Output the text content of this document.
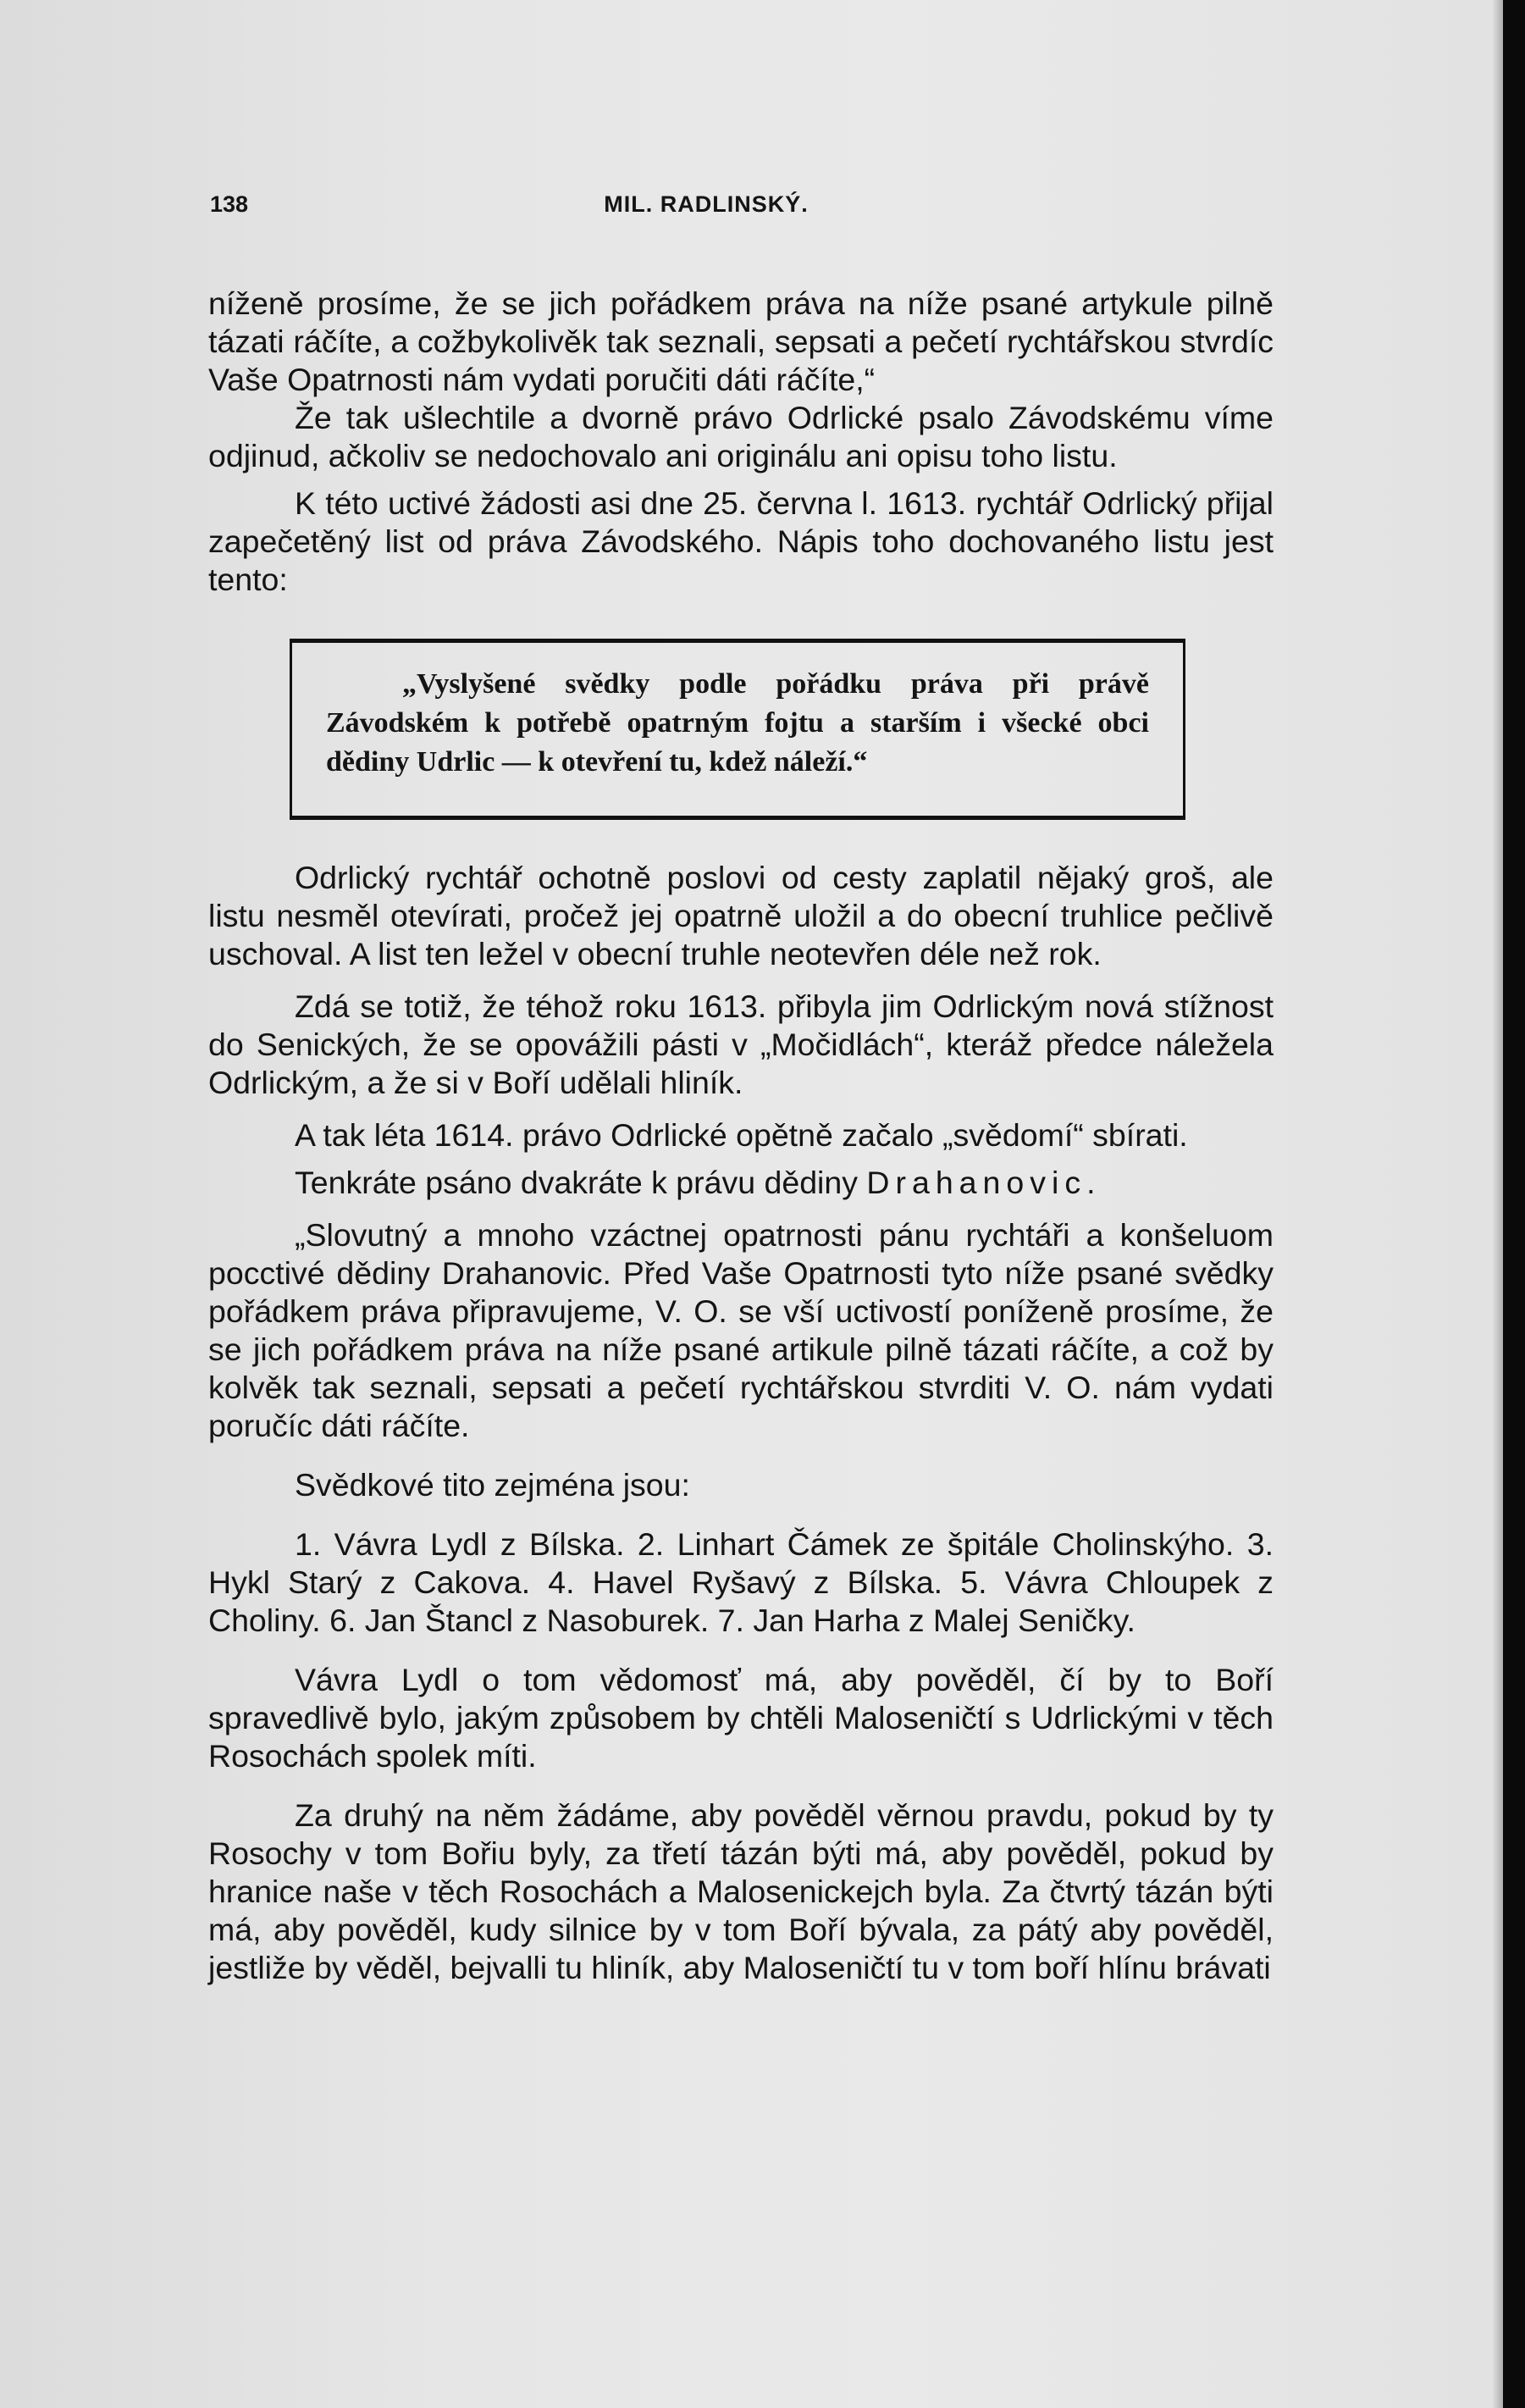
138	MIL. RADLINSKÝ.

níženě prosíme, že se jich pořádkem práva na níže psané artykule pilně tázati ráčíte, a cožbykolivěk tak seznali, sepsati a pečetí rychtářskou stvrdíc Vaše Opatrnosti nám vydati poručiti dáti ráčíte,“

Že tak ušlechtile a dvorně právo Odrlické psalo Závodskému víme odjinud, ačkoliv se nedochovalo ani originálu ani opisu toho listu.

K této uctivé žádosti asi dne 25. června l. 1613. rychtář Odrlický přijal zapečetěný list od práva Závodského. Nápis toho dochovaného listu jest tento:

„Vyslyšené svědky podle pořádku práva při právě Závodském k potřebě opatrným fojtu a starším i všecké obci dědiny Udrlic — k otevření tu, kdež náleží.“

Odrlický rychtář ochotně poslovi od cesty zaplatil nějaký groš, ale listu nesměl otevírati, pročež jej opatrně uložil a do obecní truhlice pečlivě uschoval. A list ten ležel v obecní truhle neotevřen déle než rok.

Zdá se totiž, že téhož roku 1613. přibyla jim Odrlickým nová stížnost do Senických, že se opovážili pásti v „Močidlách“, kteráž předce náležela Odrlickým, a že si v Boří udělali hliník.

A tak léta 1614. právo Odrlické opětně začalo „svědomí“ sbírati.

Tenkráte psáno dvakráte k právu dědiny Drahanovic.

„Slovutný a mnoho vzáctnej opatrnosti pánu rychtáři a konšeluom pocctivé dědiny Drahanovic. Před Vaše Opatrnosti tyto níže psané svědky pořádkem práva připravujeme, V. O. se vší uctivostí poníženě prosíme, že se jich pořádkem práva na níže psané artikule pilně tázati ráčíte, a což by kolvěk tak seznali, sepsati a pečetí rychtářskou stvrditi V. O. nám vydati poručíc dáti ráčíte.

Svědkové tito zejména jsou:

1. Vávra Lydl z Bílska. 2. Linhart Čámek ze špitále Cholinskýho. 3. Hykl Starý z Cakova. 4. Havel Ryšavý z Bílska. 5. Vávra Chloupek z Choliny. 6. Jan Štancl z Nasoburek. 7. Jan Harha z Malej Seničky.

Vávra Lydl o tom vědomosť má, aby pověděl, čí by to Boří spravedlivě bylo, jakým způsobem by chtěli Maloseničtí s Udrlickými v těch Rosochách spolek míti.

Za druhý na něm žádáme, aby pověděl věrnou pravdu, pokud by ty Rosochy v tom Bořiu byly, za třetí tázán býti má, aby pověděl, pokud by hranice naše v těch Rosochách a Malosenickejch byla. Za čtvrtý tázán býti má, aby pověděl, kudy silnice by v tom Boří bývala, za pátý aby pověděl, jestliže by věděl, bejvalli tu hliník, aby Maloseničtí tu v tom boří hlínu brávati
